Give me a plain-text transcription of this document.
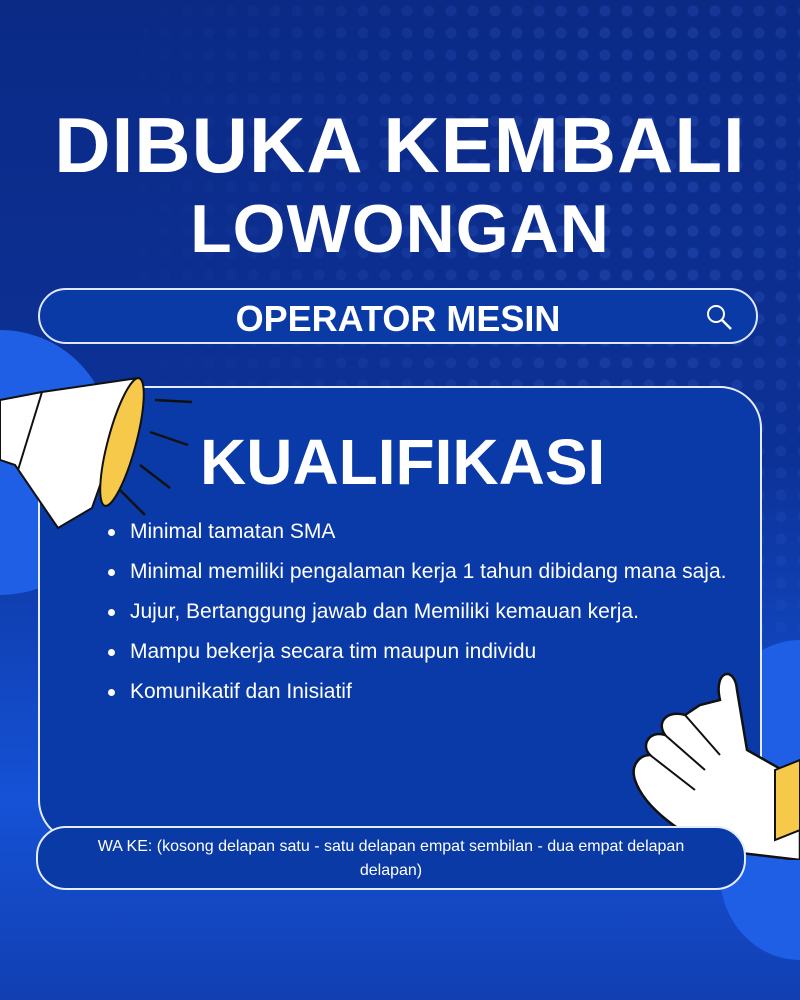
DIBUKA KEMBALI
LOWONGAN
OPERATOR MESIN
KUALIFIKASI
Minimal tamatan SMA
Minimal memiliki pengalaman kerja 1 tahun dibidang mana saja.
Jujur, Bertanggung jawab dan Memiliki kemauan kerja.
Mampu bekerja secara tim maupun individu
Komunikatif dan Inisiatif
WA KE: (kosong delapan satu - satu delapan empat sembilan - dua empat delapan delapan)
